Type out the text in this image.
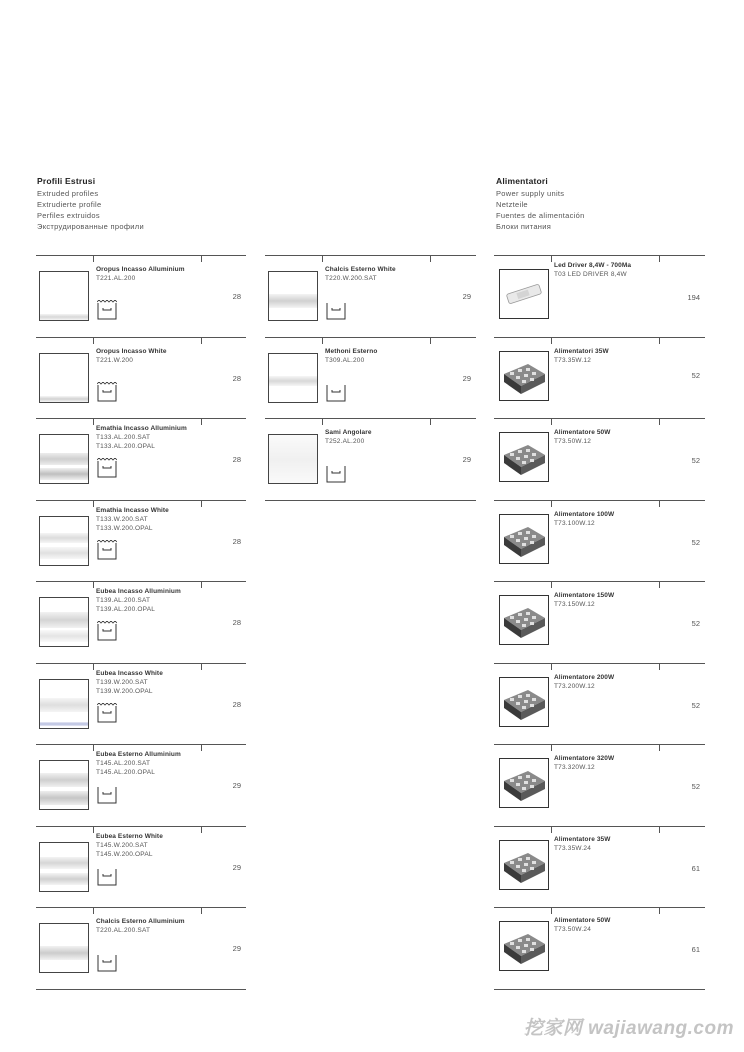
Profili Estrusi
Extruded profiles
Extrudierte profile
Perfiles extruidos
Экструдированные профили
Alimentatori
Power supply units
Netzteile
Fuentes de alimentación
Блоки питания
Oropus Incasso Alluminium
T221.AL.200
28
Oropus Incasso White
T221.W.200
28
Emathia Incasso Alluminium
T133.AL.200.SAT
T133.AL.200.OPAL
28
Emathia Incasso White
T133.W.200.SAT
T133.W.200.OPAL
28
Eubea Incasso Alluminium
T139.AL.200.SAT
T139.AL.200.OPAL
28
Eubea Incasso White
T139.W.200.SAT
T139.W.200.OPAL
28
Eubea Esterno Alluminium
T145.AL.200.SAT
T145.AL.200.OPAL
29
Eubea Esterno White
T145.W.200.SAT
T145.W.200.OPAL
29
Chalcis Esterno Alluminium
T220.AL.200.SAT
29
Chalcis Esterno White
T220.W.200.SAT
29
Methoni Esterno
T309.AL.200
29
Sami Angolare
T252.AL.200
29
Led Driver 8,4W - 700Ma
T03 LED DRIVER 8,4W
194
Alimentatori 35W
T73.35W.12
52
Alimentatore 50W
T73.50W.12
52
Alimentatore 100W
T73.100W.12
52
Alimentatore 150W
T73.150W.12
52
Alimentatore 200W
T73.200W.12
52
Alimentatore 320W
T73.320W.12
52
Alimentatore 35W
T73.35W.24
61
Alimentatore 50W
T73.50W.24
61
挖家网 wajiawang.com
